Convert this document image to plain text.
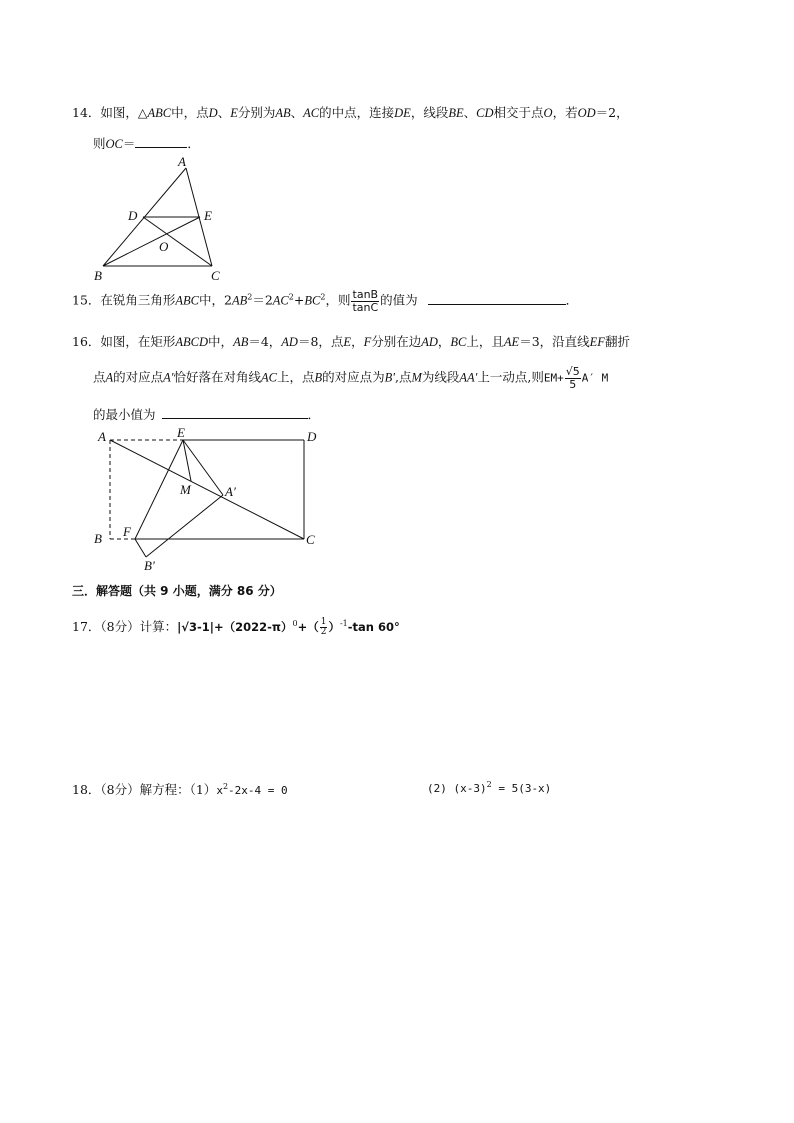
14．如图，△ABC中，点D、E分别为AB、AC的中点，连接DE，线段BE、CD相交于点O，若OD＝2，
则OC＝	．
A
D	E
O
B	C
15．在锐角三角形ABC中，$2AB^2=2AC^2+BC^2$，则 $\frac{\tan B}{\tan C}$ 的值为	．
16．如图，在矩形ABCD中，AB＝4，AD＝8，点E，F分别在边AD，BC上，且AE＝3，沿直线EF翻折
点A的对应点A'恰好落在对角线AC上，点B的对应点为B',点M为线段AA'上一动点,则$EM+ \frac{√5}{5} A'$ M
的最小值为	．
A	E	D
M	A′
B F
C
B′
三．解答题（共 9 小题，满分 86 分）
17．（8分）计算：$|√3-1|+(2022-\pi)^0+( \frac{1}{2} )^{-1}-\tan$ 60°
18．（8分）解方程：$(1)x^2-2x-4 = 0$	(2) $(x-3)^2 = 5(3-x)$
